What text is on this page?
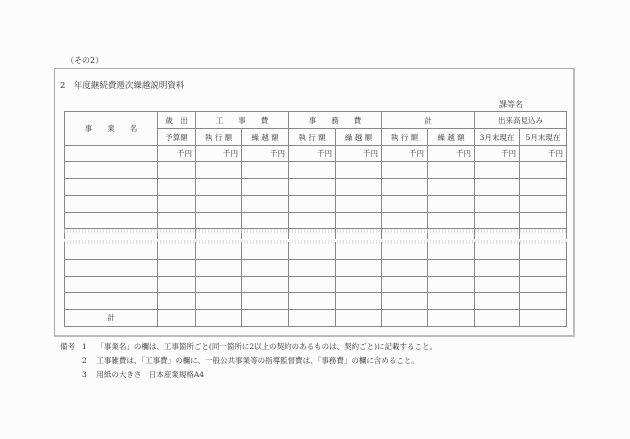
（その2）
2　年度継続費逓次繰越説明資料
課等名
事　　業　　名	歳　出	工　　事　　費		事　　務　　費		計		出来高見込み	
	予算額	執 行 額	繰 越 額	執 行 額	繰 越 額	執 行 額	繰 越 額	3月末現在	5月末現在
	千円	千円	千円	千円	千円	千円	千円	千円	千円

計									
備考 1 「事業名」の欄は、工事箇所ごと(同一箇所に2以上の契約のあるものは、契約ごと)に記載すること。
2 工事雑費は、「工事費」の欄に、一般公共事業等の指導監督費は、「事務費」の欄に含めること。
3 用紙の大きさ　日本産業規格A4
